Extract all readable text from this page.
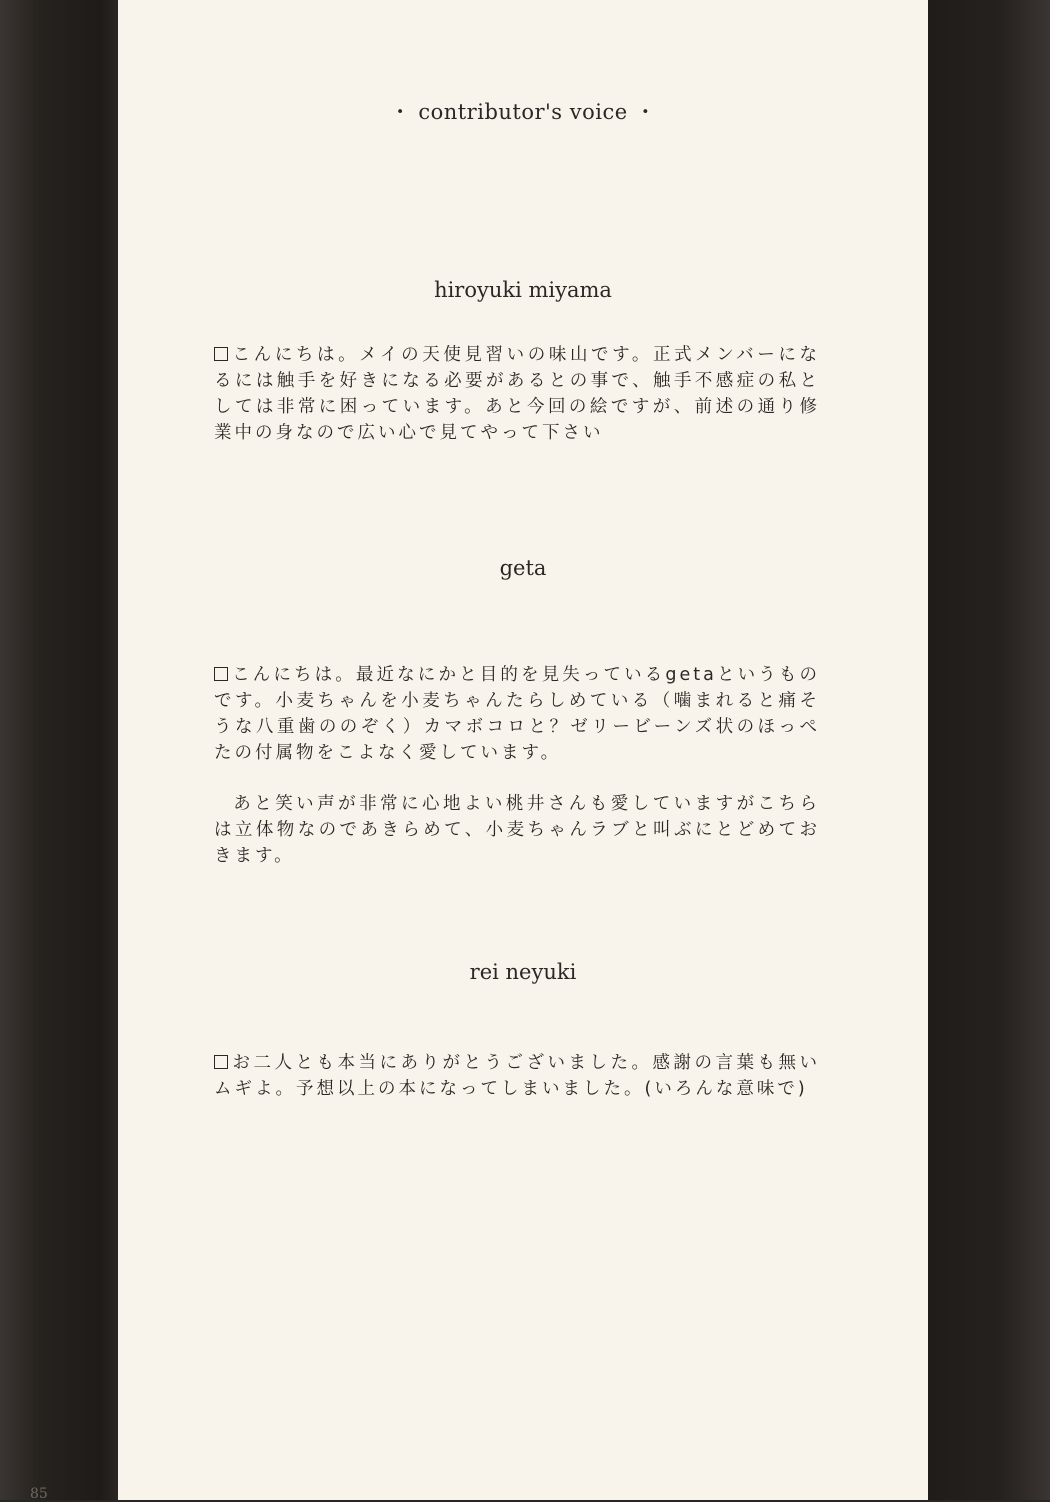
・ contributor's voice ・
hiroyuki miyama

こんにちは。メイの天使見習いの味山です。正式メンバーになるには触手を好きになる必要があるとの事で、触手不感症の私としては非常に困っています。あと今回の絵ですが、前述の通り修業中の身なので広い心で見てやって下さい

geta

こんにちは。最近なにかと目的を見失っているgetaというものです。小麦ちゃんを小麦ちゃんたらしめている（噛まれると痛そうな八重歯ののぞく）カマボコロと？ゼリービーンズ状のほっぺたの付属物をこよなく愛しています。

あと笑い声が非常に心地よい桃井さんも愛していますがこちらは立体物なのであきらめて、小麦ちゃんラブと叫ぶにとどめておきます。

rei neyuki

お二人とも本当にありがとうございました。感謝の言葉も無いムギよ。予想以上の本になってしまいました。(いろんな意味で)

85
